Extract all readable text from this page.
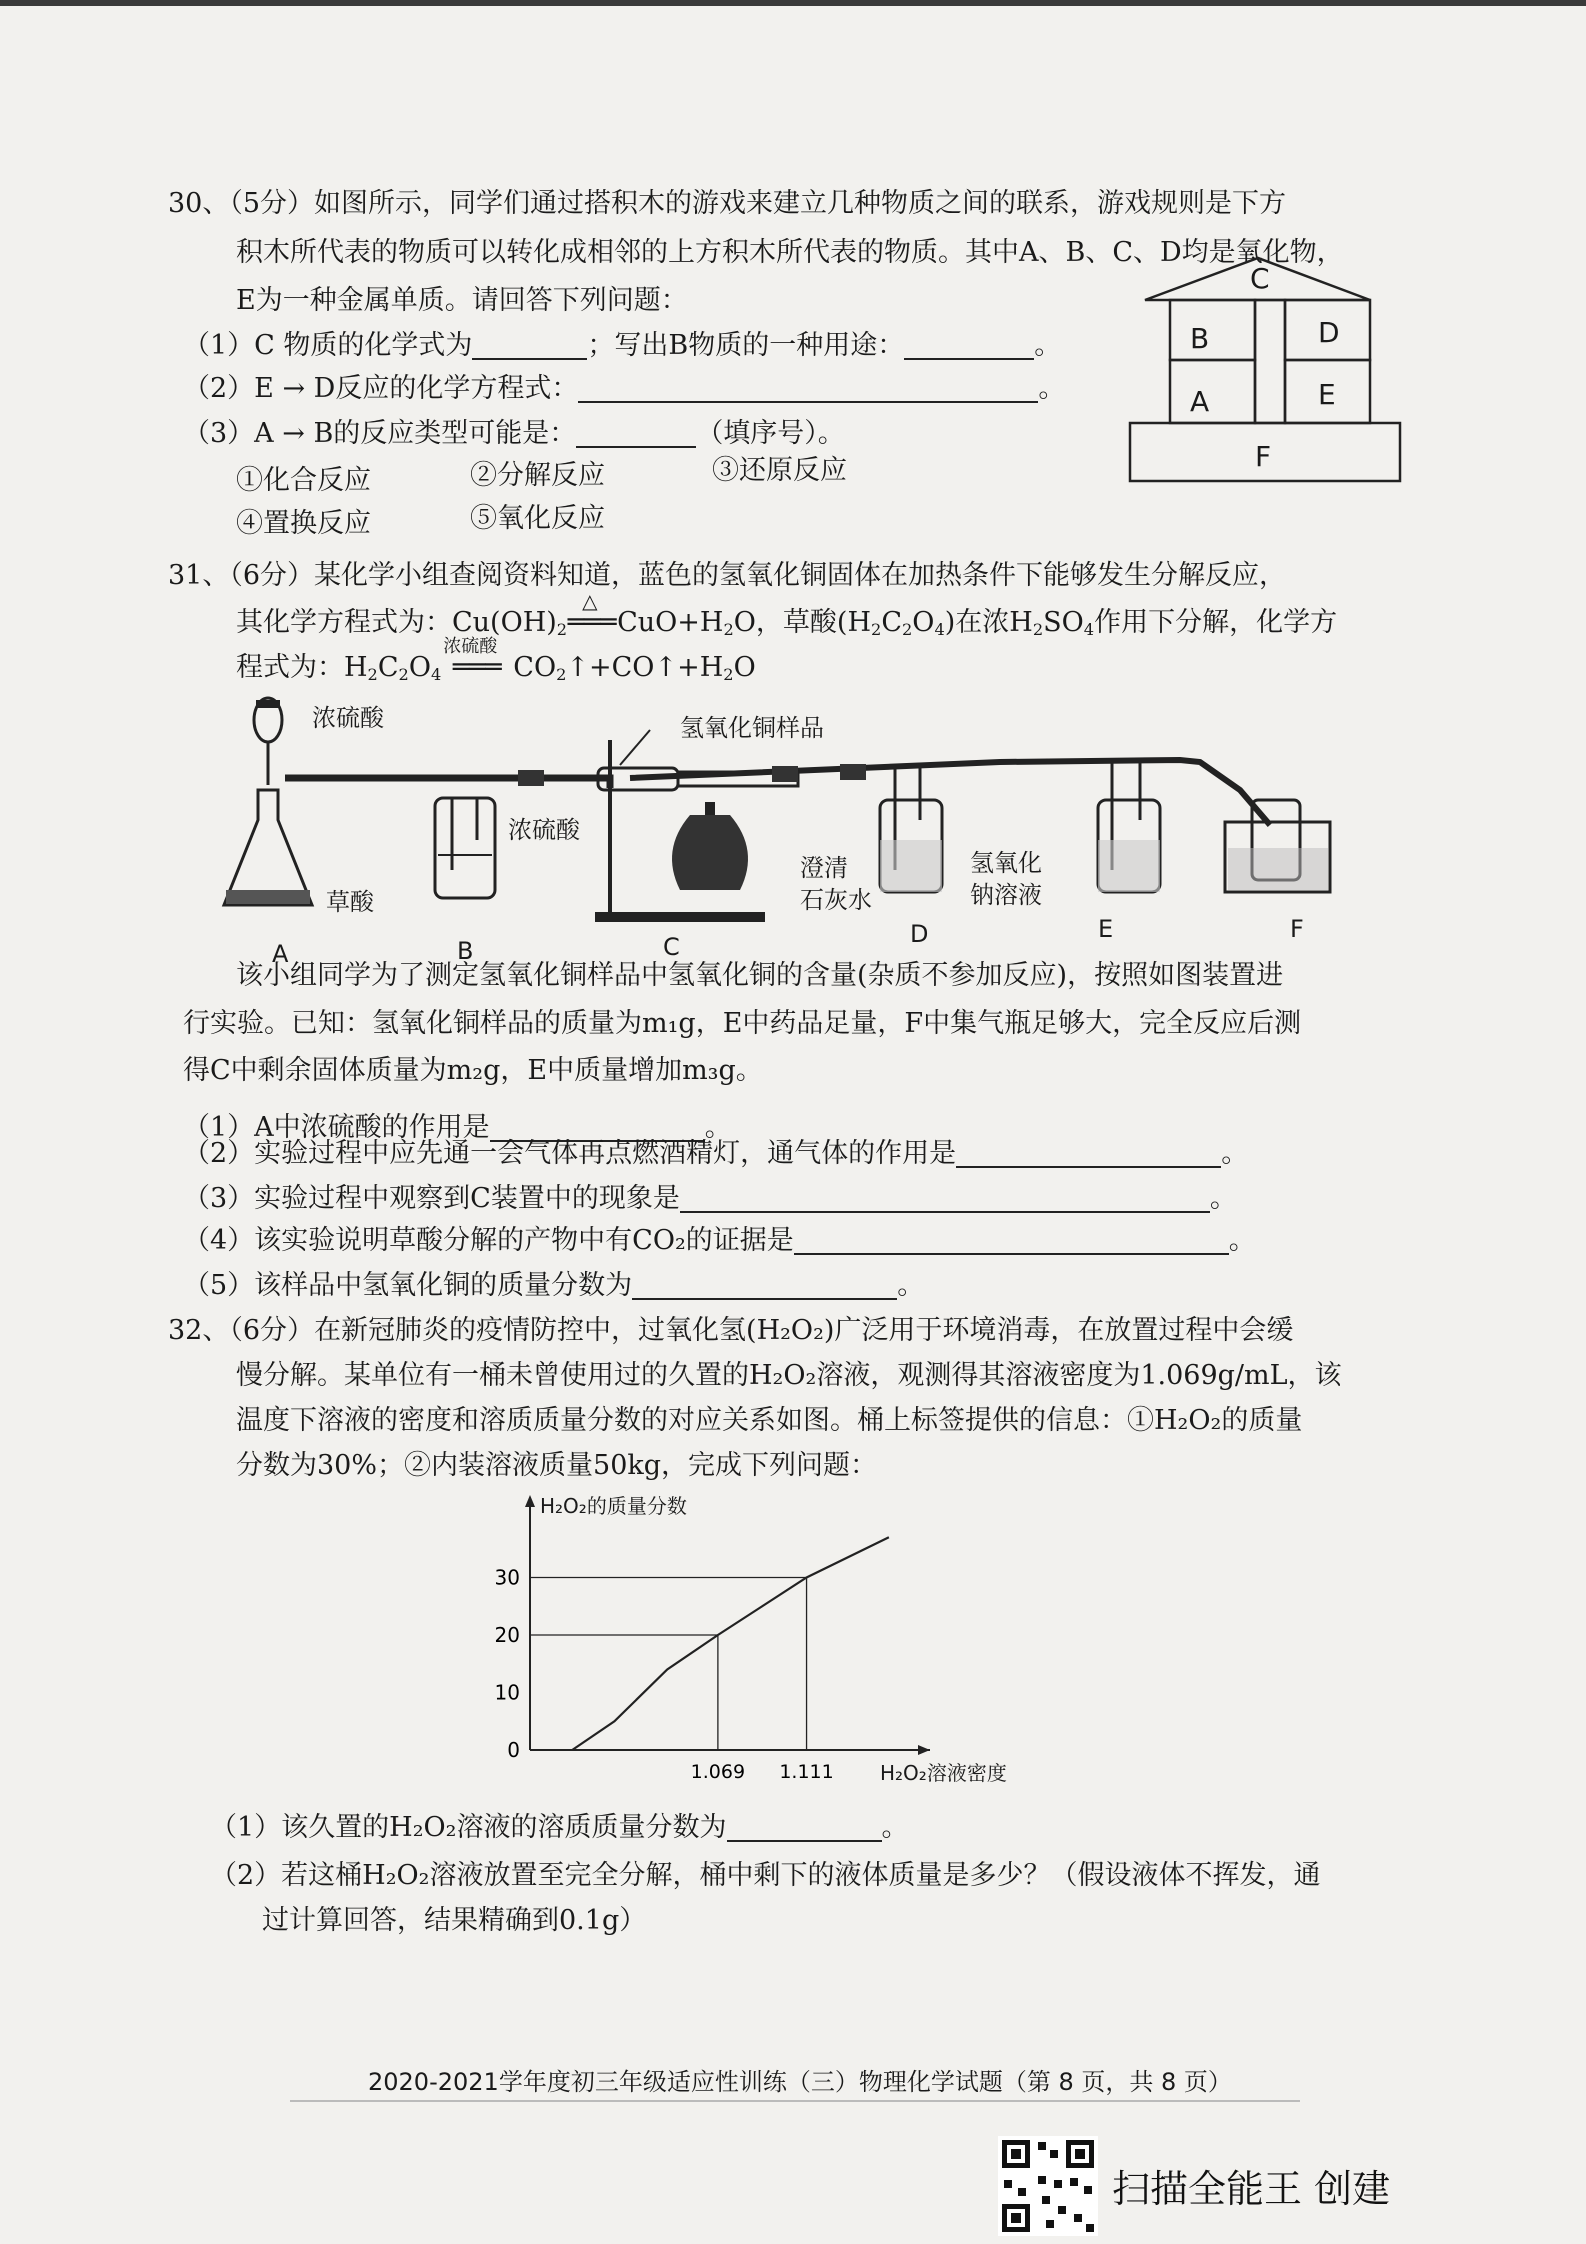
30、（5分）如图所示，同学们通过搭积木的游戏来建立几种物质之间的联系，游戏规则是下方
积木所代表的物质可以转化成相邻的上方积木所代表的物质。其中A、B、C、D均是氧化物，
E为一种金属单质。请回答下列问题：
（1）C 物质的化学式为	；写出B物质的一种用途：	。
（2）E → D反应的化学方程式：	。
（3）A → B的反应类型可能是：	（填序号）。
①化合反应	②分解反应	③还原反应
④置换反应	⑤氧化反应
C
B	D
A	E
F
31、（6分）某化学小组查阅资料知道，蓝色的氢氧化铜固体在加热条件下能够发生分解反应，
其化学方程式为：$Cu(OH)_2$
△
$═══CuO+H_2O$，草酸$(H_2C_2O_4)$在浓$H_2SO_4$作用下分解，化学方
程式为：$H_2C_2O_4$
浓硫酸
═══ $CO_2↑+CO↑+H_2O$
浓硫酸
草酸
浓硫酸
氢氧化铜样品
澄清
石灰水
氢氧化
钠溶液
A	B	C	D	E	F
该小组同学为了测定氢氧化铜样品中氢氧化铜的含量(杂质不参加反应)，按照如图装置进
行实验。已知：氢氧化铜样品的质量为m₁g，E中药品足量，F中集气瓶足够大，完全反应后测
得C中剩余固体质量为m₂g，E中质量增加m₃g。
（1）A中浓硫酸的作用是	。
（2）实验过程中应先通一会气体再点燃酒精灯，通气体的作用是	。
（3）实验过程中观察到C装置中的现象是	。
（4）该实验说明草酸分解的产物中有CO₂的证据是	。
（5）该样品中氢氧化铜的质量分数为	。
32、（6分）在新冠肺炎的疫情防控中，过氧化氢(H₂O₂)广泛用于环境消毒，在放置过程中会缓
慢分解。某单位有一桶未曾使用过的久置的H₂O₂溶液，观测得其溶液密度为1.069g/mL，该
温度下溶液的密度和溶质质量分数的对应关系如图。桶上标签提供的信息：①H₂O₂的质量
分数为30%；②内装溶液质量50kg，完成下列问题：
0
10
20
30
1.069 1.111
H₂O₂的质量分数
H₂O₂溶液密度
（1）该久置的H₂O₂溶液的溶质质量分数为	。
（2）若这桶H₂O₂溶液放置至完全分解，桶中剩下的液体质量是多少？（假设液体不挥发，通
过计算回答，结果精确到0.1g）
2020-2021学年度初三年级适应性训练（三）物理化学试题（第 8 页，共 8 页）
扫描全能王 创建
